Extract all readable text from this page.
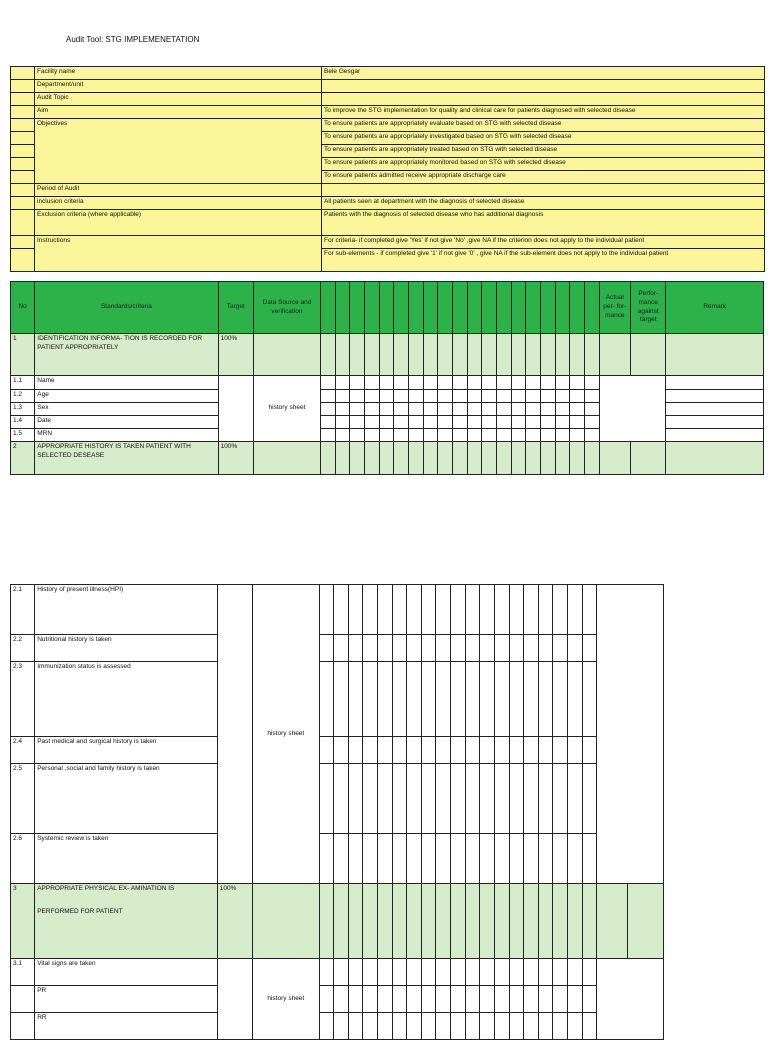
Audit Tool: STG IMPLEMENETATION
	Facility name	Bele Gesgar
	Department/unit	
	Audit Topic	
	Aim	To improve the STG implementation for quality and clinical care for patients diagnosed with selected disease
	Objectives	To ensure patients are appropriately evaluate based on STG with selected disease
		To ensure patients are appropriately investigated based on STG with selected disease
		To ensure patients are appropriately treated based on STG with selected disease
		To ensure patients are appropriately monitored based on STG with selected disease
		To ensure patients admitted receive appropriate discharge care
	Period of Audit	
	inclusion criteria	All patients seen at department with the diagnosis of selected disease
	Exclusion criteria (where applicable)	Patients with the diagnosis of selected disease who has additional diagnosis
	Instructions	For criteria- if completed give 'Yes' if not give 'No' ,give NA if the criterion does not apply to the individual patient
		For sub-elements - if completed give '1' if not give '0' , give NA if the sub-element does not apply to the individual patient
No	Standards/criteria	Target	Data Source and verification																				Actual per- for- mance	Perfor- mance against target	Remark
1	IDENTIFICATION INFORMA- TION IS RECORDED FOR PATIENT APPROPRIATELY	100%																							
1.1	Name		history sheet																						
1.2	Age																								
1.3	Sex																								
1.4	Date																								
1.5	MRN																								
2	APPROPRIATE HISTORY IS TAKEN PATIENT WITH SELECTED DESEASE	100%																							
2.1	History of present illness(HPI)		history sheet																					
2.2	Nutritional history is taken																							
2.3	Immunization status is assessed																							
2.4	Past medical and surgical history is taken																							
2.5	Personal ,social and family history is taken																							
2.6	Systemic review is taken																							
3	APPROPRIATE PHYSICAL EX- AMINATION IS
PERFORMED FOR PATIENT	100%																						
3.1	Vital signs are taken		history sheet																					
	PR																							
	RR																							
